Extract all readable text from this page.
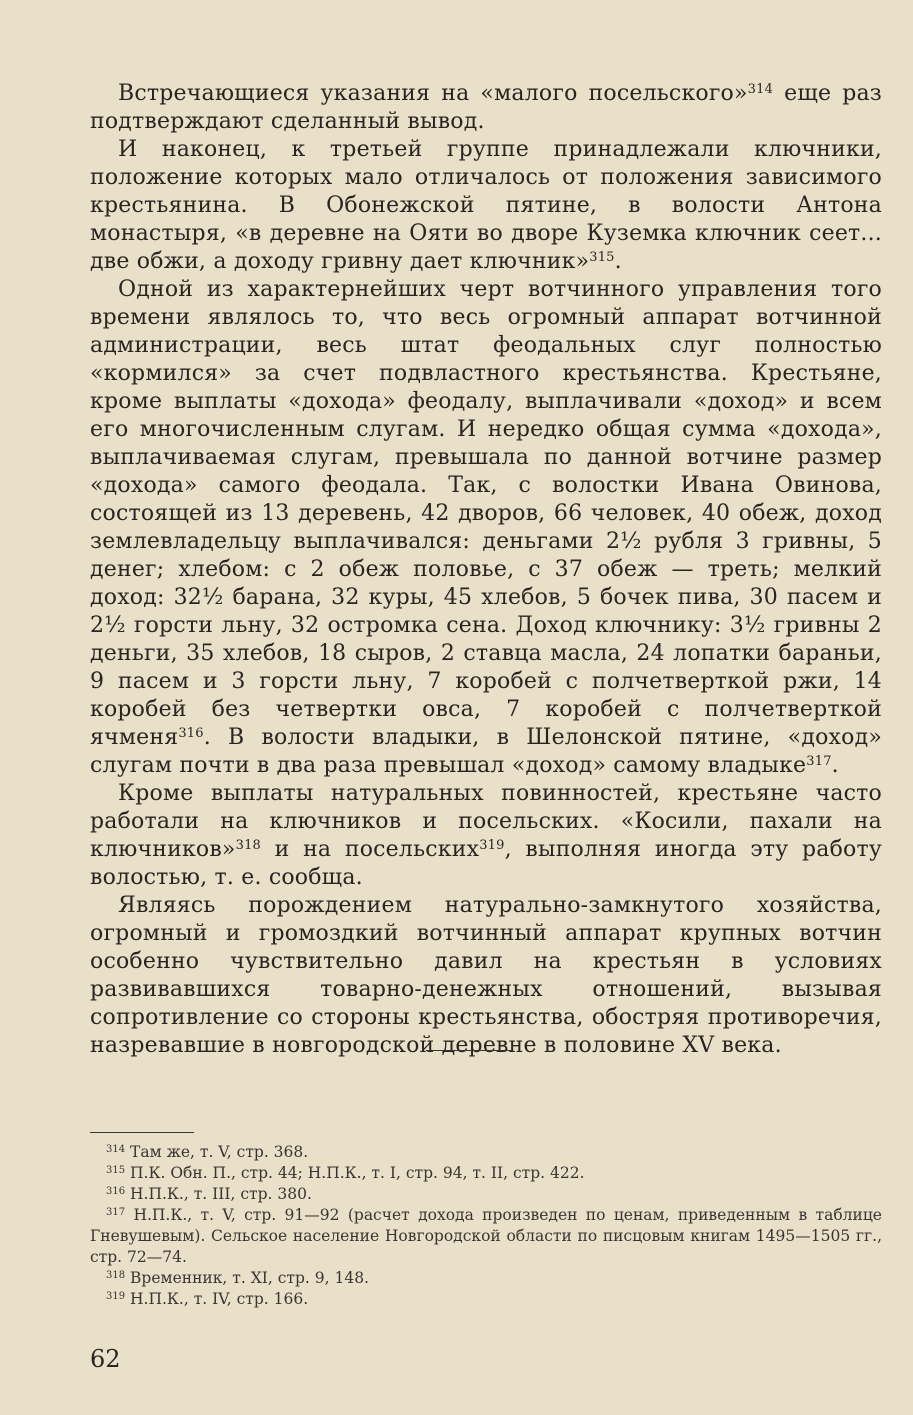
Встречающиеся указания на «малого посельского»$^{314}$ еще раз подтверждают сделанный вывод.

И наконец, к третьей группе принадлежали ключники, положение которых мало отличалось от положения зависимого крестьянина. В Обонежской пятине, в волости Антона монастыря, «в деревне на Ояти во дворе Куземка ключник сеет... две обжи, а доходу гривну дает ключник»$^{315}$.

Одной из характернейших черт вотчинного управления того времени являлось то, что весь огромный аппарат вотчинной администрации, весь штат феодальных слуг полностью «кормился» за счет подвластного крестьянства. Крестьяне, кроме выплаты «дохода» феодалу, выплачивали «доход» и всем его многочисленным слугам. И нередко общая сумма «дохода», выплачиваемая слугам, превышала по данной вотчине размер «дохода» самого феодала. Так, с волостки Ивана Овинова, состоящей из 13 деревень, 42 дворов, 66 человек, 40 обеж, доход землевладельцу выплачивался: деньгами 2½ рубля 3 гривны, 5 денег; хлебом: с 2 обеж половье, с 37 обеж — треть; мелкий доход: 32½ барана, 32 куры, 45 хлебов, 5 бочек пива, 30 пасем и 2½ горсти льну, 32 остромка сена. Доход ключнику: 3½ гривны 2 деньги, 35 хлебов, 18 сыров, 2 ставца масла, 24 лопатки бараньи, 9 пасем и 3 горсти льну, 7 коробей с полчетверткой ржи, 14 коробей без четвертки овса, 7 коробей с полчетверткой ячменя$^{316}$. В волости владыки, в Шелонской пятине, «доход» слугам почти в два раза превышал «доход» самому владыке$^{317}$.

Кроме выплаты натуральных повинностей, крестьяне часто работали на ключников и посельских. «Косили, пахали на ключников»$^{318}$ и на посельских$^{319}$, выполняя иногда эту работу волостью, т. е. сообща.

Являясь порождением натурально-замкнутого хозяйства, огромный и громоздкий вотчинный аппарат крупных вотчин особенно чувствительно давил на крестьян в условиях развивавшихся товарно-денежных отношений, вызывая сопротивление со стороны крестьянства, обостряя противоречия, назревавшие в новгородской деревне в половине XV века.

$^{314}$ Там же, т. V, стр. 368.
$^{315}$ П.К. Обн. П., стр. 44; Н.П.К., т. I, стр. 94, т. II, стр. 422.
$^{316}$ Н.П.К., т. III, стр. 380.
$^{317}$ Н.П.К., т. V, стр. 91—92 (расчет дохода произведен по ценам, приведенным в таблице Гневушевым). Сельское население Новгородской области по писцовым книгам 1495—1505 гг., стр. 72—74.
$^{318}$ Временник, т. XI, стр. 9, 148.
$^{319}$ Н.П.К., т. IV, стр. 166.
62
